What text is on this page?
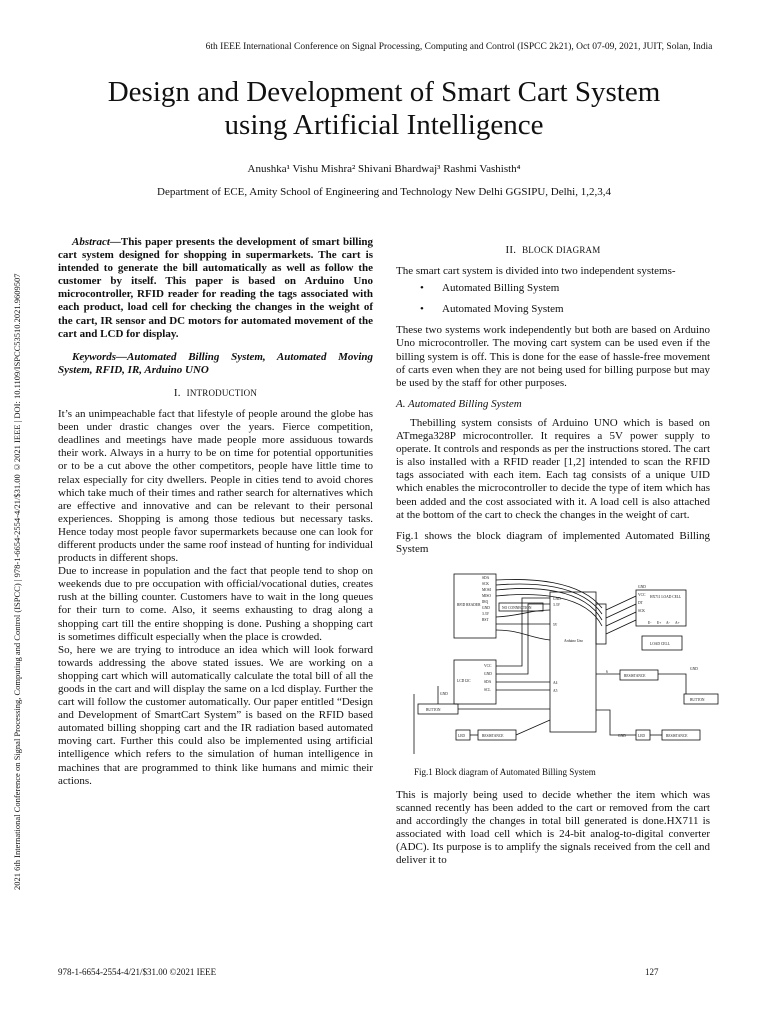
6th IEEE International Conference on Signal Processing, Computing and Control (ISPCC 2k21), Oct 07-09, 2021, JUIT, Solan, India
Design and Development of Smart Cart System
using Artificial Intelligence
Anushka¹ Vishu Mishra² Shivani Bhardwaj³ Rashmi Vashisth⁴
Department of ECE, Amity School of Engineering and Technology New Delhi GGSIPU, Delhi, 1,2,3,4
2021 6th International Conference on Signal Processing, Computing and Control (ISPCC) | 978-1-6654-2554-4/21/$31.00 ©2021 IEEE | DOI: 10.1109/ISPCC53510.2021.9609507

Abstract—This paper presents the development of smart billing cart system designed for shopping in supermarkets. The cart is intended to generate the bill automatically as well as follow the customer by itself. This paper is based on Arduino Uno microcontroller, RFID reader for reading the tags associated with each product, load cell for checking the changes in the weight of the cart, IR sensor and DC motors for automated movement of the cart and LCD for display.

Keywords—Automated Billing System, Automated Moving System, RFID, IR, Arduino UNO

I. INTRODUCTION

It’s an unimpeachable fact that lifestyle of people around the globe has been under drastic changes over the years. Fierce competition, deadlines and meetings have made people more assiduous towards their work. Always in a hurry to be on time for potential opportunities or to be a cut above the other competitors, people have little time to relax especially for city dwellers. People in cities tend to avoid chores which take much of their times and rather search for alternatives which are effective and innovative and can be relevant to their personal experiences. Shopping is among those tedious but necessary tasks. Hence today most people favor supermarkets because one can look for different products under the same roof instead of hunting for individual products in different shops.

Due to increase in population and the fact that people tend to shop on weekends due to pre occupation with official/vocational duties, creates rush at the billing counter. Customers have to wait in the long queues for their turn to come. Also, it seems exhausting to drag along a shopping cart till the entire shopping is done. Pushing a shopping cart is sometimes difficult especially when the place is crowded.

So, here we are trying to introduce an idea which will look forward towards addressing the above stated issues. We are working on a shopping cart which will automatically calculate the total bill of all the goods in the cart and will display the same on a lcd display. Further the cart will follow the customer automatically. Our paper entitled “Design and Development of SmartCart System” is based on the RFID based automated billing shopping cart and the IR radiation based automated moving cart. Further this could also be implemented using artificial intelligence which refers to the simulation of human intelligence in machines that are programmed to think like humans and mimic their actions.

II. BLOCK DIAGRAM

The smart cart system is divided into two independent systems-

• Automated Billing System
• Automated Moving System

These two systems work independently but both are based on Arduino Uno microcontroller. The moving cart system can be used even if the billing system is off. This is done for the ease of hassle-free movement of carts even when they are not being used for billing purpose but may be used by the staff for other purposes.

A. Automated Billing System

Thebilling system consists of Arduino UNO which is based on ATmega328P microcontroller. It requires a 5V power supply to operate. It controls and responds as per the instructions stored. The cart is also installed with a RFID reader [1,2] intended to scan the RFID tags associated with each item. Each tag consists of a unique UID which enables the microcontroller to decide the type of item which has been added and the cost associated with it. A load cell is also attached at the bottom of the cart to check the changes in the weight of cart.

Fig.1 shows the block diagram of implemented Automated Billing System

SDA
SCK
MOSI
MISO
IRQ
GND
3.3V
RST
RFID READER
NO CONNECTION
GND
3.3V
5V
Arduino Uno
A4
A5
LCD I2C
VCC
GND
SDA
SCL
GND
VCC
DT
SCK
HX711 LOAD CELL
E- E+ A- A+
LOAD CELL
RESISTANCE
6
GND
BUTTON
BUTTON
GND
LED	RESISTANCE	GND	LED	RESISTANCE

Fig.1 Block diagram of Automated Billing System

This is majorly being used to decide whether the item which was scanned recently has been added to the cart or removed from the cart and accordingly the changes in total bill generated is done.HX711 is associated with load cell which is 24-bit analog-to-digital converter (ADC). Its purpose is to amplify the signals received from the cell and deliver it to

978-1-6654-2554-4/21/$31.00 ©2021 IEEE	127
